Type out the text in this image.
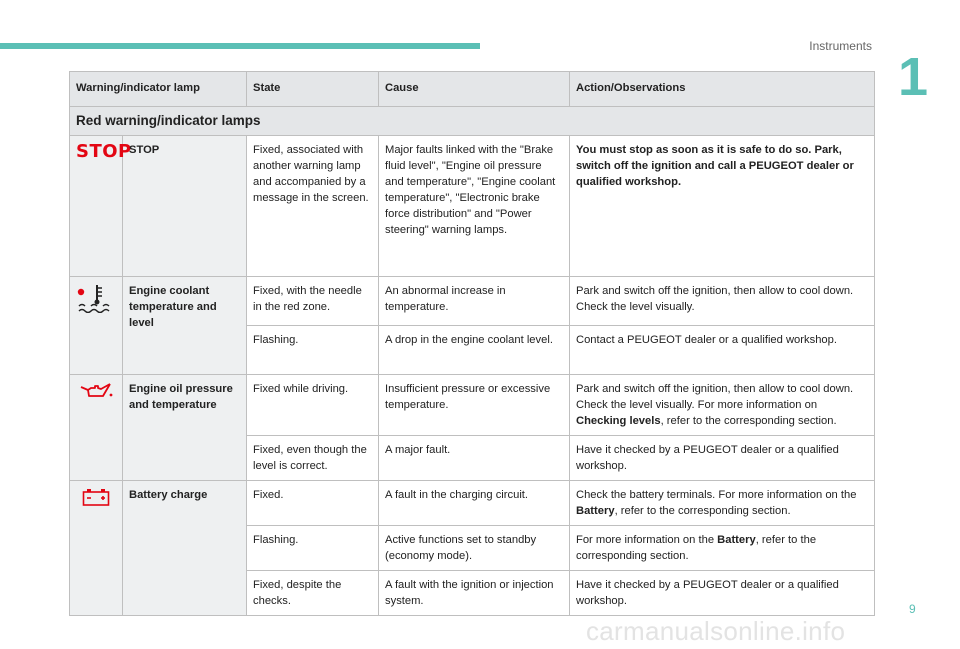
Instruments
1
Warning/indicator lamp		State	Cause	Action/Observations
Red warning/indicator lamps				
STOP	STOP	Fixed, associated with another warning lamp and accompanied by a message in the screen.	Major faults linked with the "Brake fluid level", "Engine oil pressure and temperature", "Engine coolant temperature", "Electronic brake force distribution" and "Power steering" warning lamps.	You must stop as soon as it is safe to do so. Park, switch off the ignition and call a PEUGEOT dealer or qualified workshop.
	Engine coolant temperature and level	Fixed, with the needle in the red zone.	An abnormal increase in temperature.	Park and switch off the ignition, then allow to cool down. Check the level visually.
		Flashing.	A drop in the engine coolant level.	Contact a PEUGEOT dealer or a qualified workshop.
	Engine oil pressure and temperature	Fixed while driving.	Insufficient pressure or excessive temperature.	Park and switch off the ignition, then allow to cool down. Check the level visually. For more information on Checking levels, refer to the corresponding section.
		Fixed, even though the level is correct.	A major fault.	Have it checked by a PEUGEOT dealer or a qualified workshop.
	Battery charge	Fixed.	A fault in the charging circuit.	Check the battery terminals. For more information on the Battery, refer to the corresponding section.
		Flashing.	Active functions set to standby (economy mode).	For more information on the Battery, refer to the corresponding section.
		Fixed, despite the checks.	A fault with the ignition or injection system.	Have it checked by a PEUGEOT dealer or a qualified workshop.
9
carmanualsonline.info
